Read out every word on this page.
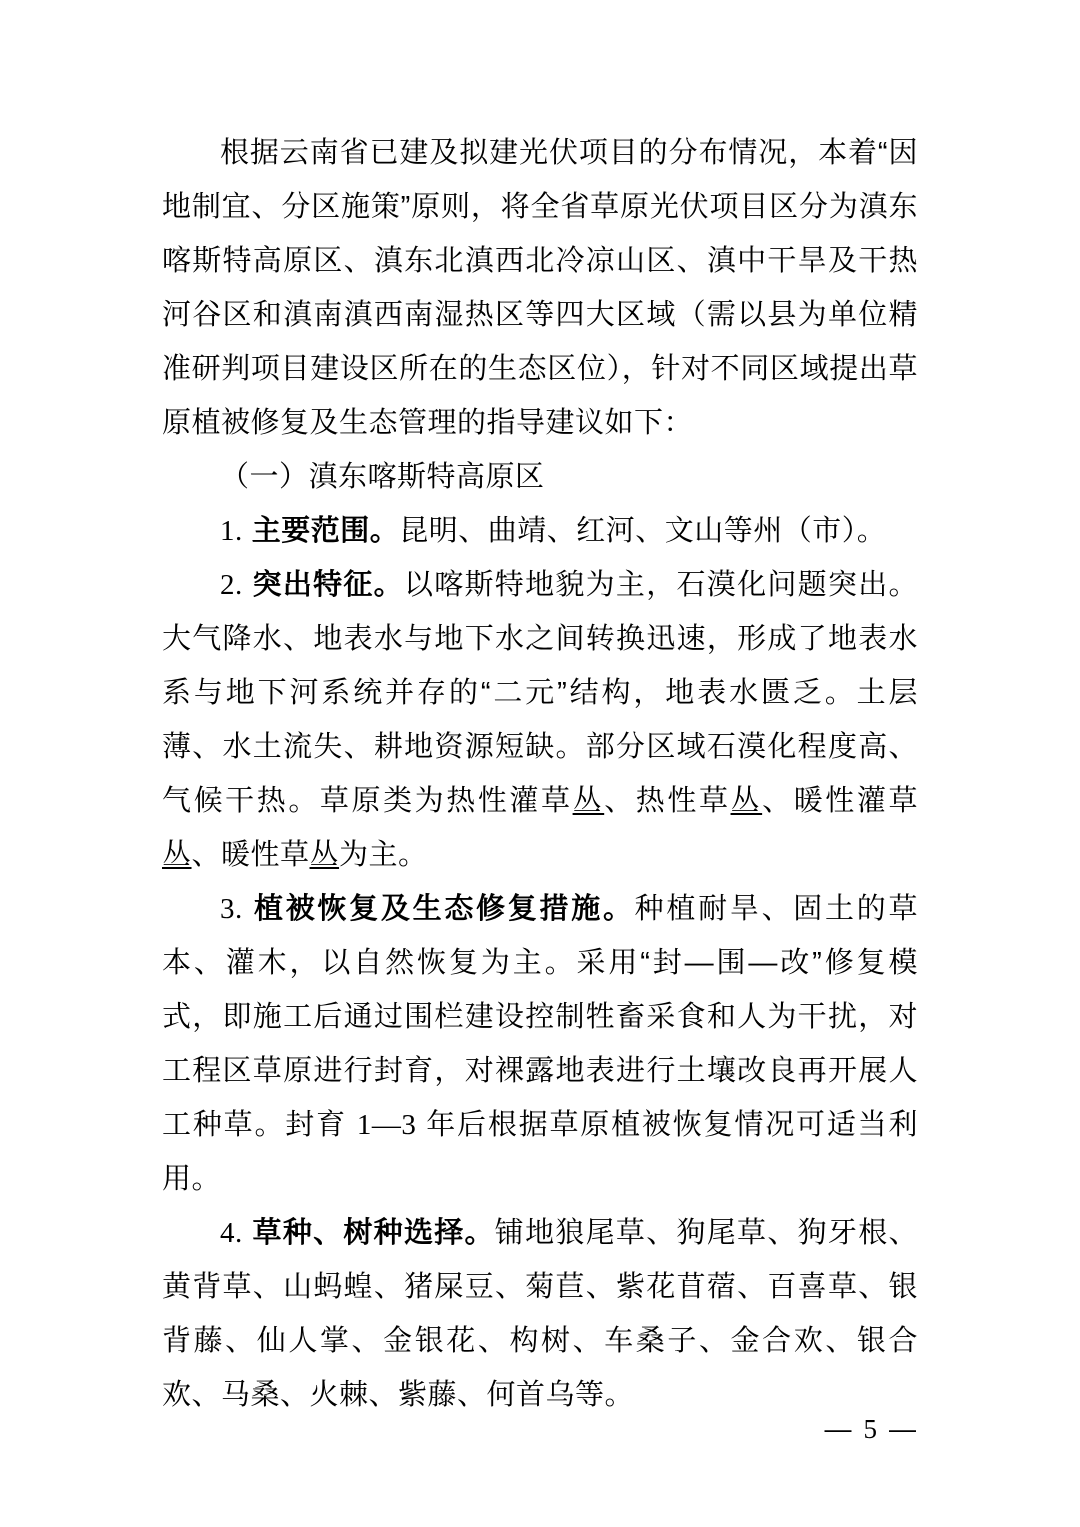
根据云南省已建及拟建光伏项目的分布情况，本着“因地制宜、分区施策”原则，将全省草原光伏项目区分为滇东喀斯特高原区、滇东北滇西北冷凉山区、滇中干旱及干热河谷区和滇南滇西南湿热区等四大区域（需以县为单位精准研判项目建设区所在的生态区位），针对不同区域提出草原植被修复及生态管理的指导建议如下：

（一）滇东喀斯特高原区

1. 主要范围。昆明、曲靖、红河、文山等州（市）。

2. 突出特征。以喀斯特地貌为主，石漠化问题突出。大气降水、地表水与地下水之间转换迅速，形成了地表水系与地下河系统并存的“二元”结构，地表水匮乏。土层薄、水土流失、耕地资源短缺。部分区域石漠化程度高、气候干热。草原类为热性灌草丛、热性草丛、暖性灌草丛、暖性草丛为主。

3. 植被恢复及生态修复措施。种植耐旱、固土的草本、灌木，以自然恢复为主。采用“封—围—改”修复模式，即施工后通过围栏建设控制牲畜采食和人为干扰，对工程区草原进行封育，对裸露地表进行土壤改良再开展人工种草。封育 1—3 年后根据草原植被恢复情况可适当利用。

4. 草种、树种选择。铺地狼尾草、狗尾草、狗牙根、黄背草、山蚂蝗、猪屎豆、菊苣、紫花苜蓿、百喜草、银背藤、仙人掌、金银花、构树、车桑子、金合欢、银合欢、马桑、火棘、紫藤、何首乌等。

— 5 —
